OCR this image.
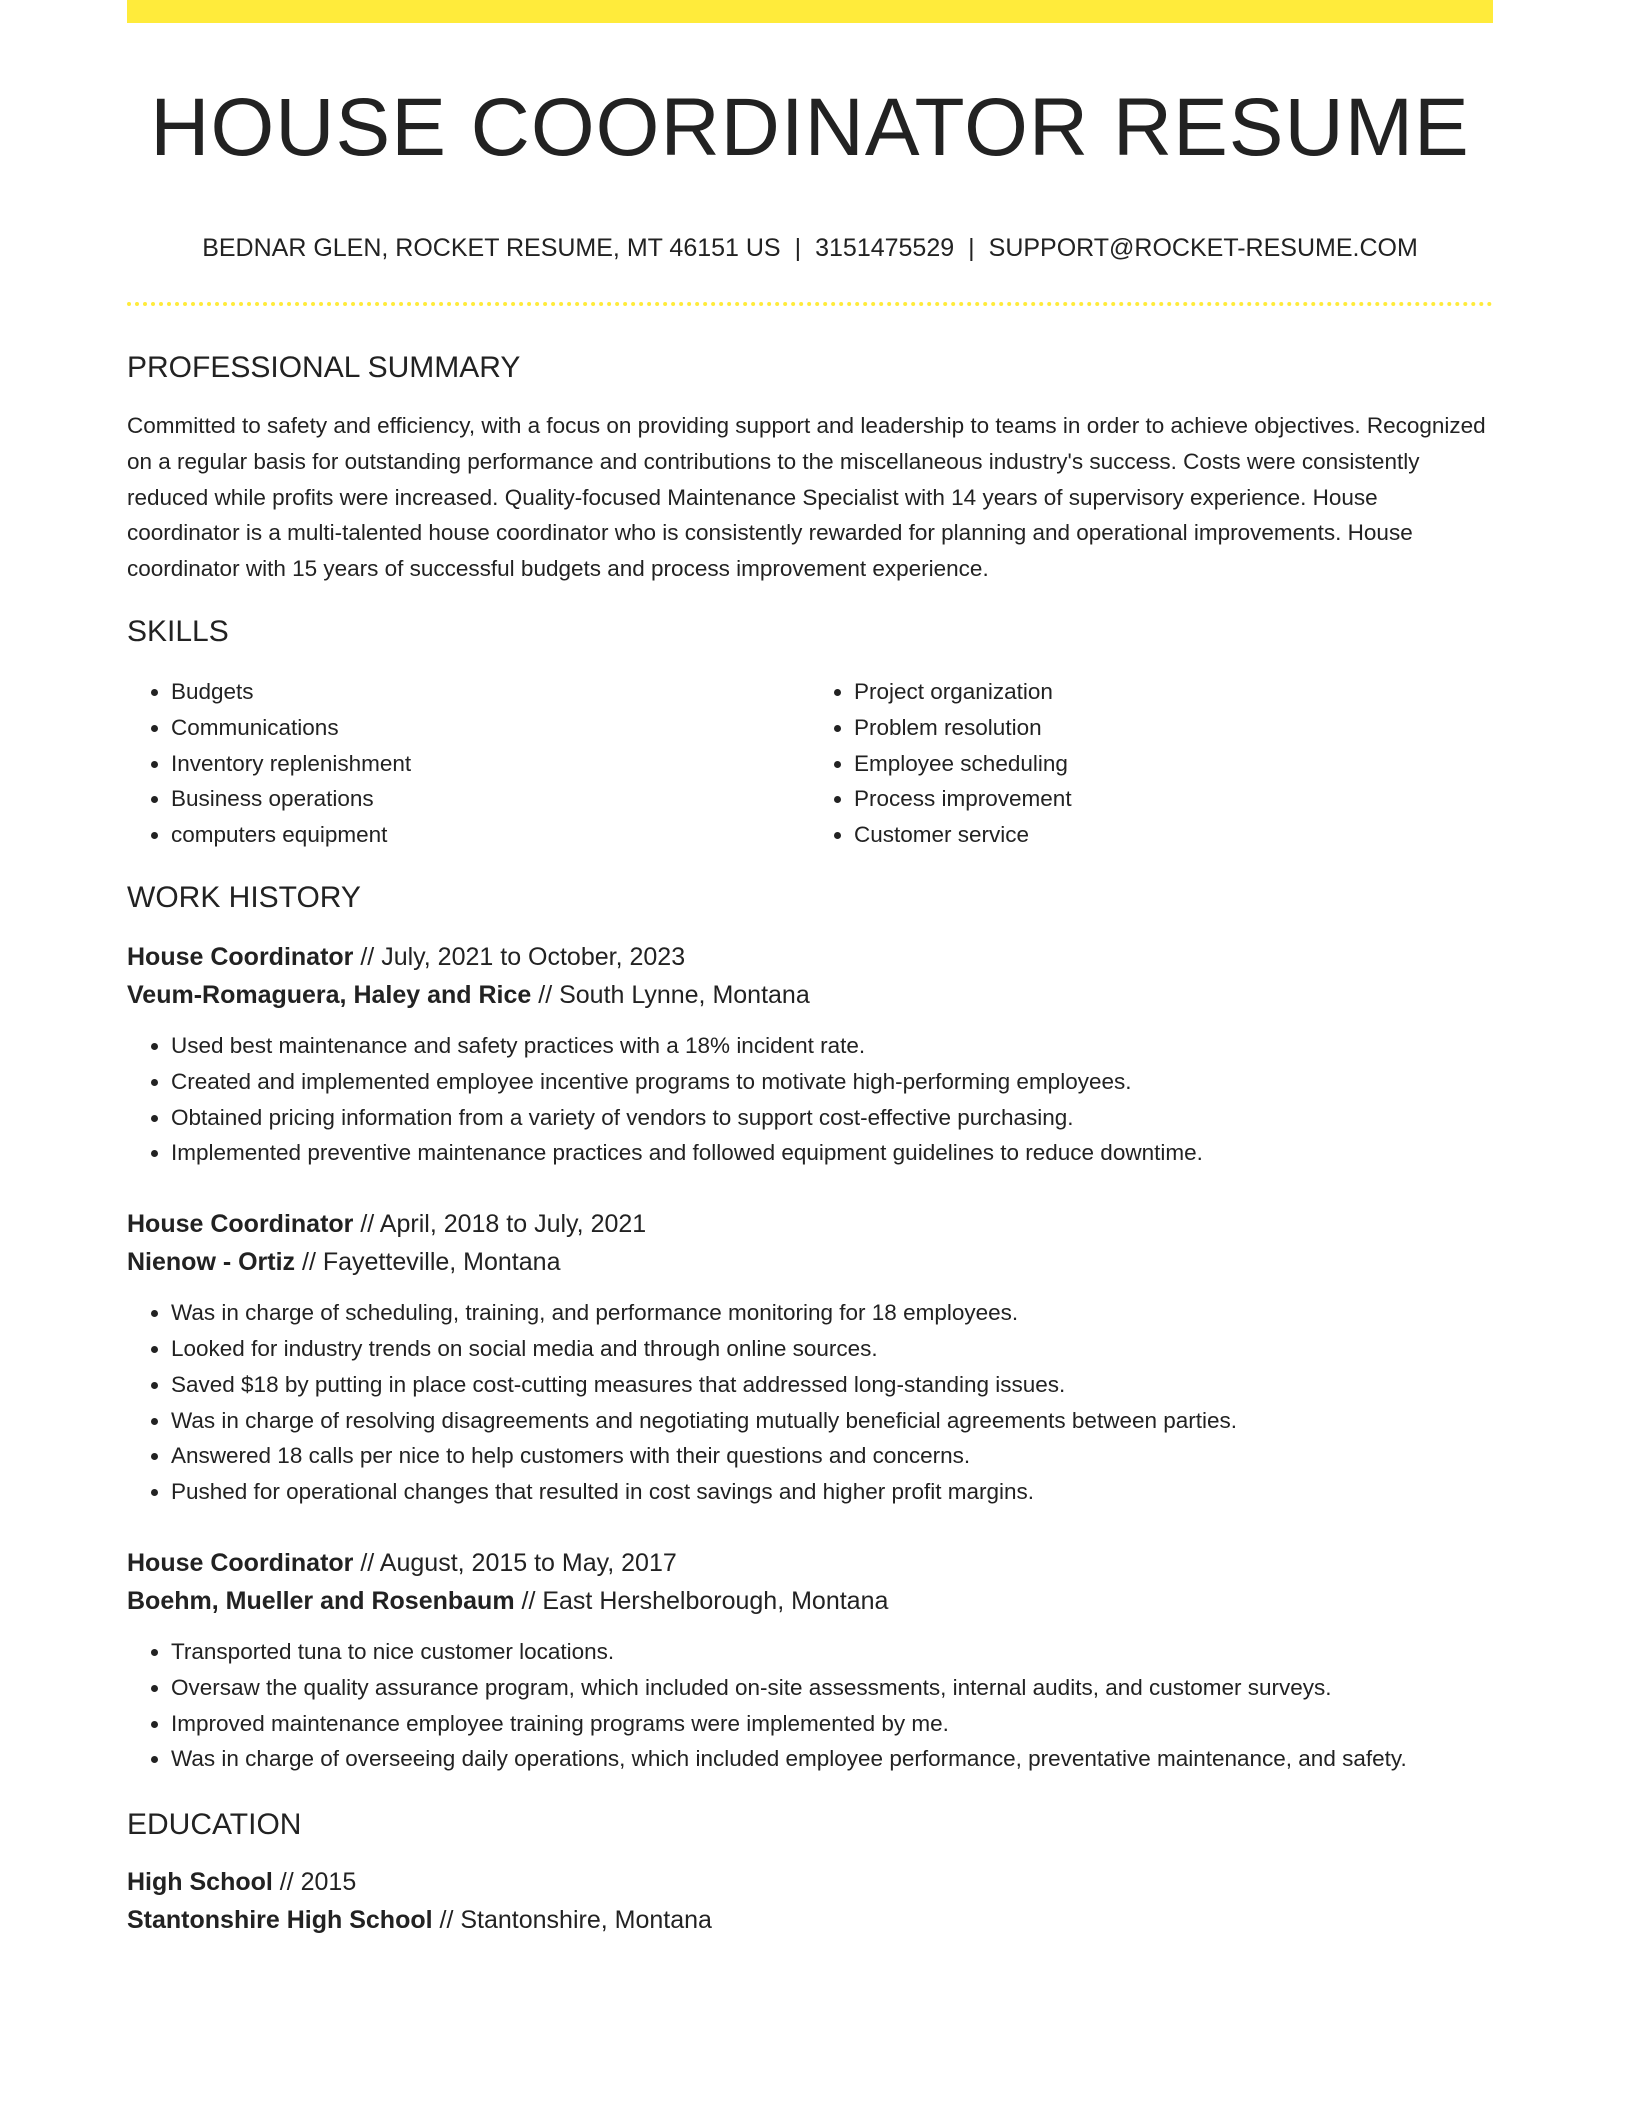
HOUSE COORDINATOR RESUME
BEDNAR GLEN, ROCKET RESUME, MT 46151 US | 3151475529 | SUPPORT@ROCKET-RESUME.COM
PROFESSIONAL SUMMARY
Committed to safety and efficiency, with a focus on providing support and leadership to teams in order to achieve objectives. Recognized on a regular basis for outstanding performance and contributions to the miscellaneous industry's success. Costs were consistently reduced while profits were increased. Quality-focused Maintenance Specialist with 14 years of supervisory experience. House coordinator is a multi-talented house coordinator who is consistently rewarded for planning and operational improvements. House coordinator with 15 years of successful budgets and process improvement experience.
SKILLS
• Budgets
• Communications
• Inventory replenishment
• Business operations
• computers equipment
• Project organization
• Problem resolution
• Employee scheduling
• Process improvement
• Customer service
WORK HISTORY
House Coordinator // July, 2021 to October, 2023
Veum-Romaguera, Haley and Rice // South Lynne, Montana
• Used best maintenance and safety practices with a 18% incident rate.
• Created and implemented employee incentive programs to motivate high-performing employees.
• Obtained pricing information from a variety of vendors to support cost-effective purchasing.
• Implemented preventive maintenance practices and followed equipment guidelines to reduce downtime.
House Coordinator // April, 2018 to July, 2021
Nienow - Ortiz // Fayetteville, Montana
• Was in charge of scheduling, training, and performance monitoring for 18 employees.
• Looked for industry trends on social media and through online sources.
• Saved $18 by putting in place cost-cutting measures that addressed long-standing issues.
• Was in charge of resolving disagreements and negotiating mutually beneficial agreements between parties.
• Answered 18 calls per nice to help customers with their questions and concerns.
• Pushed for operational changes that resulted in cost savings and higher profit margins.
House Coordinator // August, 2015 to May, 2017
Boehm, Mueller and Rosenbaum // East Hershelborough, Montana
• Transported tuna to nice customer locations.
• Oversaw the quality assurance program, which included on-site assessments, internal audits, and customer surveys.
• Improved maintenance employee training programs were implemented by me.
• Was in charge of overseeing daily operations, which included employee performance, preventative maintenance, and safety.
EDUCATION
High School // 2015
Stantonshire High School // Stantonshire, Montana
